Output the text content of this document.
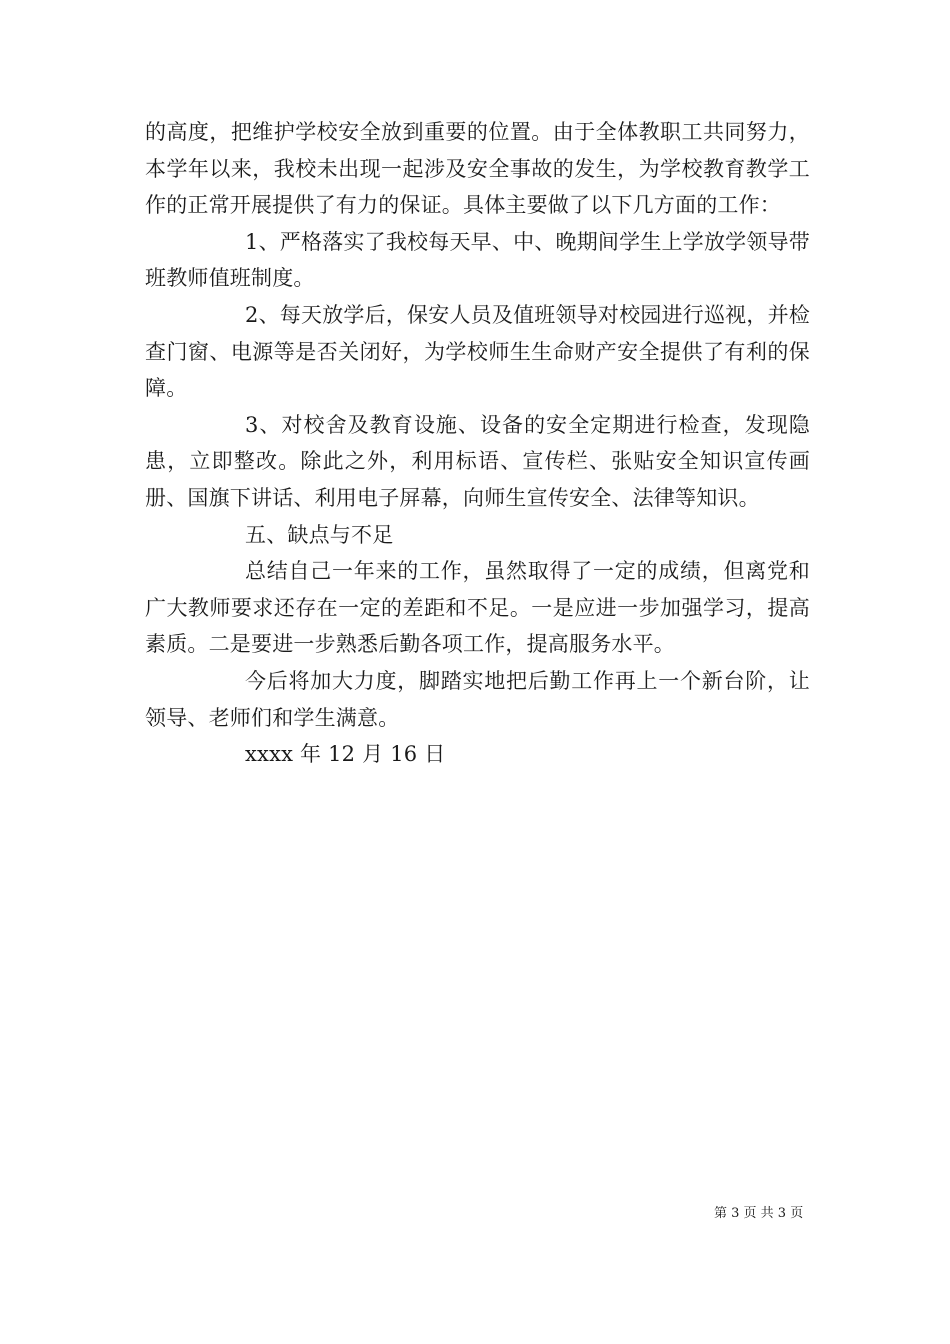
的高度，把维护学校安全放到重要的位置。由于全体教职工共同努力，本学年以来，我校未出现一起涉及安全事故的发生，为学校教育教学工作的正常开展提供了有力的保证。具体主要做了以下几方面的工作：

1、严格落实了我校每天早、中、晚期间学生上学放学领导带班教师值班制度。

2、每天放学后，保安人员及值班领导对校园进行巡视，并检查门窗、电源等是否关闭好，为学校师生生命财产安全提供了有利的保障。

3、对校舍及教育设施、设备的安全定期进行检查，发现隐患，立即整改。除此之外，利用标语、宣传栏、张贴安全知识宣传画册、国旗下讲话、利用电子屏幕，向师生宣传安全、法律等知识。

五、缺点与不足

总结自己一年来的工作，虽然取得了一定的成绩，但离党和广大教师要求还存在一定的差距和不足。一是应进一步加强学习，提高素质。二是要进一步熟悉后勤各项工作，提高服务水平。

今后将加大力度，脚踏实地把后勤工作再上一个新台阶，让领导、老师们和学生满意。

xxxx 年 12 月 16 日

第 3 页 共 3 页
